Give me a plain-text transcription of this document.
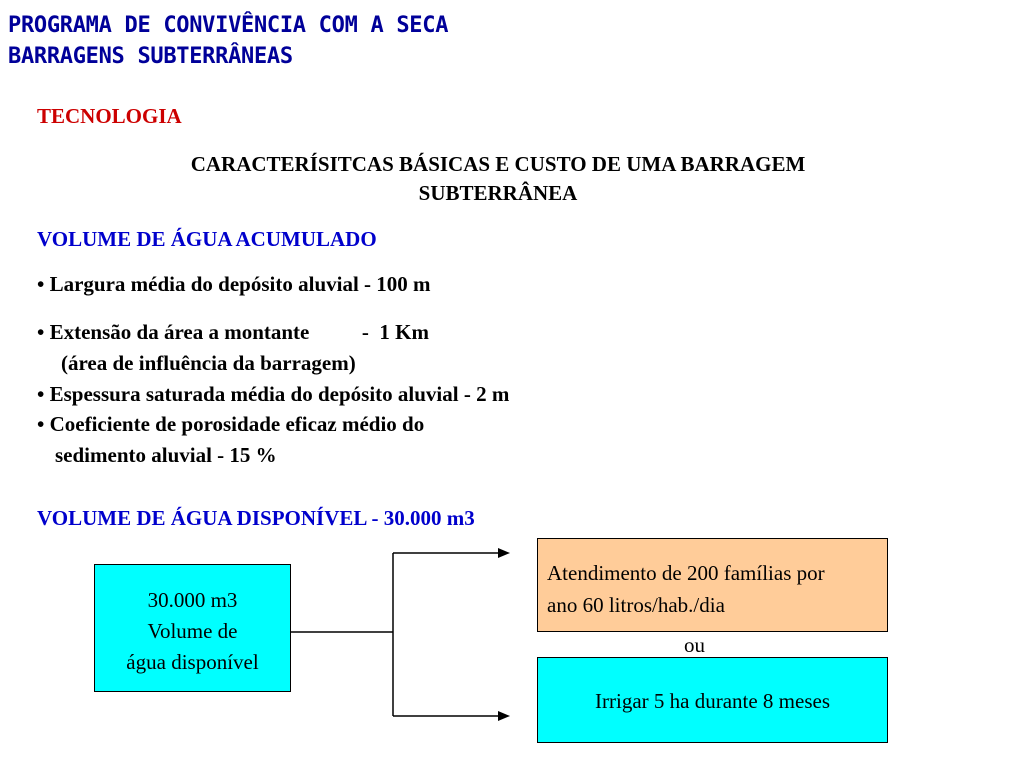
PROGRAMA DE CONVIVÊNCIA COM A SECA
BARRAGENS SUBTERRÂNEAS
TECNOLOGIA
CARACTERÍSITCAS BÁSICAS E CUSTO DE UMA BARRAGEM
SUBTERRÂNEA
VOLUME DE ÁGUA ACUMULADO
• Largura média do depósito aluvial - 100 m
• Extensão da área a montante          -  1 Km
(área de influência da barragem)
• Espessura saturada média do depósito aluvial - 2 m
• Coeficiente de porosidade eficaz médio do
sedimento aluvial - 15 %
VOLUME DE ÁGUA DISPONÍVEL - 30.000 m3
30.000 m3
Volume de
água disponível
Atendimento de 200 famílias por
ano 60 litros/hab./dia
ou
Irrigar 5 ha durante 8 meses
